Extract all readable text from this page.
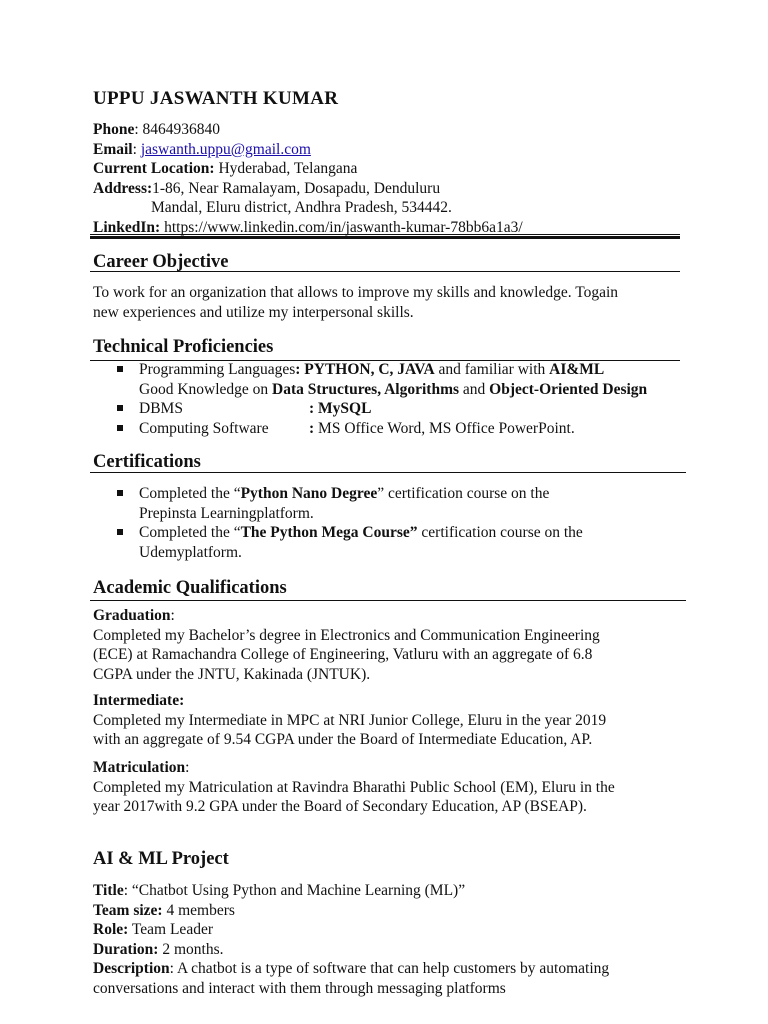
UPPU JASWANTH KUMAR
Phone: 8464936840
Email: jaswanth.uppu@gmail.com
Current Location: Hyderabad, Telangana
Address:1-86, Near Ramalayam, Dosapadu, Denduluru
Mandal, Eluru district, Andhra Pradesh, 534442.
LinkedIn: https://www.linkedin.com/in/jaswanth-kumar-78bb6a1a3/
Career Objective

To work for an organization that allows to improve my skills and knowledge. Togain

new experiences and utilize my interpersonal skills.

Technical Proficiencies
Programming Languages: PYTHON, C, JAVA and familiar with AI&ML
Good Knowledge on Data Structures, Algorithms and Object-Oriented Design
DBMS	: MySQL
Computing Software	: MS Office Word, MS Office PowerPoint.
Certifications
Completed the “Python Nano Degree” certification course on the
Prepinsta Learningplatform.
Completed the “The Python Mega Course” certification course on the
Udemyplatform.
Academic Qualifications
Graduation:

Completed my Bachelor’s degree in Electronics and Communication Engineering

(ECE) at Ramachandra College of Engineering, Vatluru with an aggregate of 6.8

CGPA under the JNTU, Kakinada (JNTUK).

Intermediate:

Completed my Intermediate in MPC at NRI Junior College, Eluru in the year 2019

with an aggregate of 9.54 CGPA under the Board of Intermediate Education, AP.

Matriculation:

Completed my Matriculation at Ravindra Bharathi Public School (EM), Eluru in the

year 2017with 9.2 GPA under the Board of Secondary Education, AP (BSEAP).

AI & ML Project
Title: “Chatbot Using Python and Machine Learning (ML)”
Team size: 4 members
Role: Team Leader
Duration: 2 months.
Description: A chatbot is a type of software that can help customers by automating
conversations and interact with them through messaging platforms
